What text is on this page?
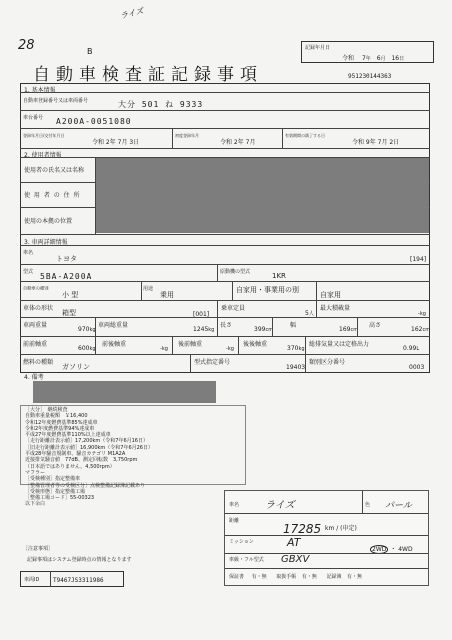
ライズ
28	B	記録年月日
令和 7年 6月 16日
自動車検査証記録事項	951230144363
1. 基本情報
自動車登録番号又は車両番号	大分 501 ね 9333
車台番号 A200A-0051080
登録年月日/交付年月日
令和 2年 7月 3日
初度登録年月
令和 2年 7月
有効期間の満了する日
令和 9年 7月 2日
2. 使用者情報
使用者の氏名又は名称
使 用 者 の 住 所
使用の本拠の位置
3. 車両詳細情報
車名
トヨタ	[194]
型式 5BA-A200A	原動機の型式	1KR
自動車の種別
小 型
用途
乗用
自家用・事業用の別
自家用
車体の形状
箱型	[001]
乗車定員
5人
最大積載量
-kg
車両重量
970kg
車両総重量
1245kg
長さ
399cm
幅
169cm
高さ
162cm
前前軸重
600kg
前後軸重
-kg
後前軸重
-kg
後後軸重
370kg
総排気量又は定格出力
0.99L
燃料の種類
ガソリン
型式指定番号
19403
類別区分番号
0003
4. 備考
［大分］　継続検査
自動車重量税額　￥16,400
令和12年度燃費基準85%達成車
令和2年度燃費基準94%達成車
平成27年度燃費基準110%以上達成車
［走行距離計表示値］17,200km（令和7年6月16日）
［旧走行距離計表示値］16,900km（令和7年6月26日）
平成28年騒音規制車、騒音カテゴリ M1A2A
近接排気騒音値　77dB、測定回転数　3,750rpm
（日本語ではありません。4,500rpm）
マフラー
［受検種別］指定整備車
［整備管理者等の受検区分］点検整備記録簿記載あり
［受検形態］指定整備工場
［整備工場コード］55-00323
以下余白
［注意事項］
記録事項はシステム登録時点の情報となります
車両ID T9467JS3311986
車名	ライズ	色 パール
距離
17285 km / (申定)
ミッション	AT
2WD ・ 4WD
車級・フル型式 GBXV
保証書 有・無 取扱手帳 有・無 記録簿 有・無
